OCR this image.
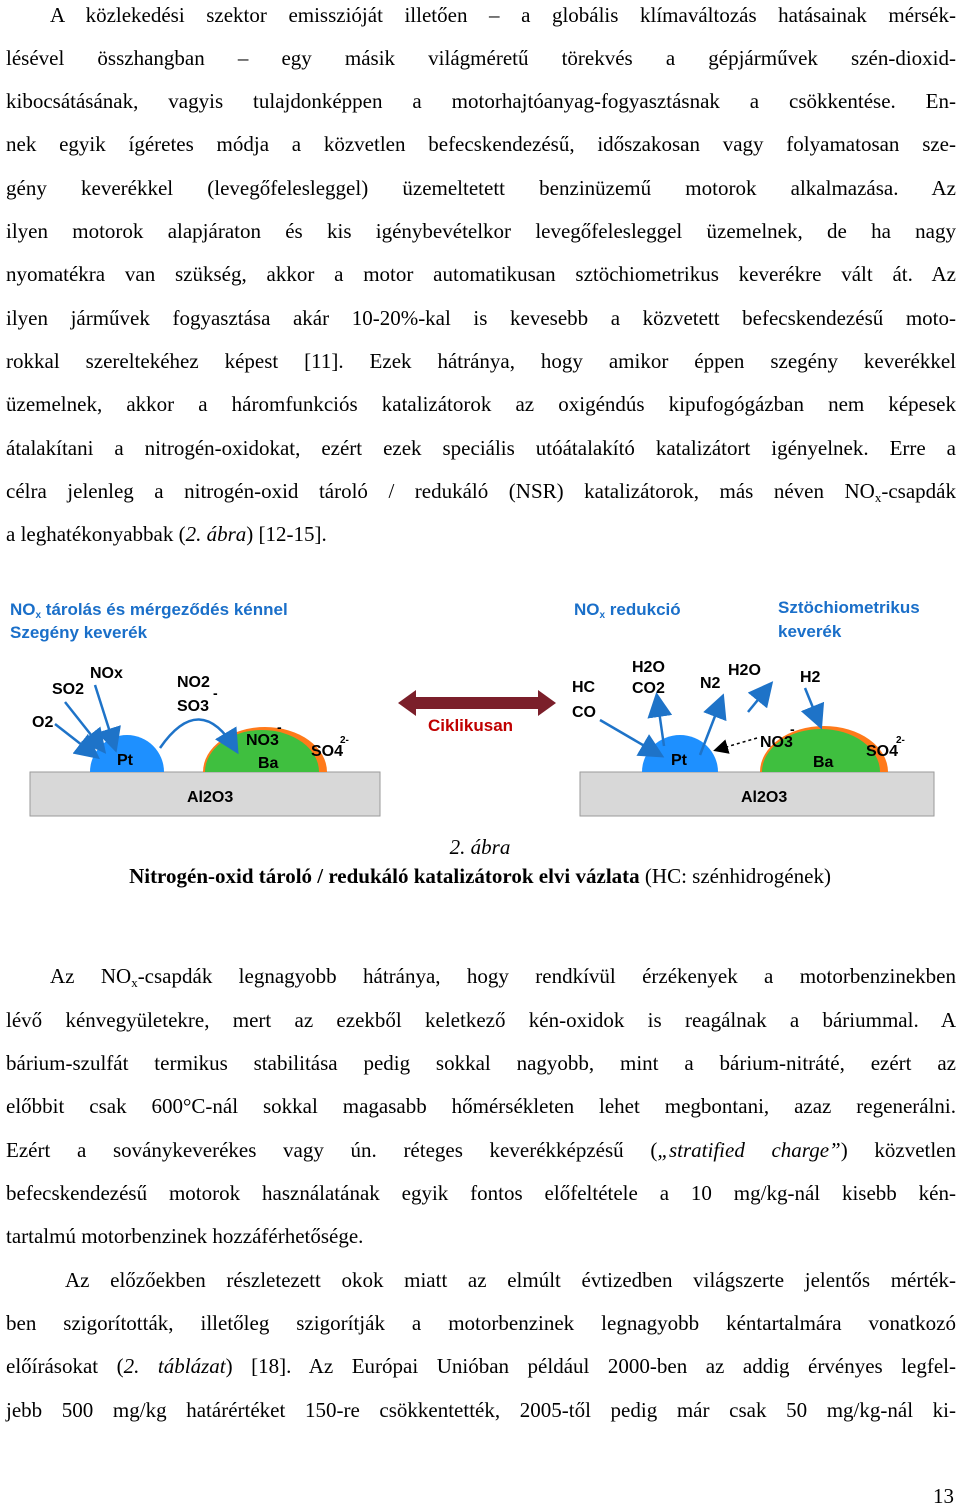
A közlekedési szektor emisszióját illetően – a globális klímaváltozás hatásainak mérsék-
lésével összhangban – egy másik világméretű törekvés a gépjárművek szén-dioxid-
kibocsátásának, vagyis tulajdonképpen a motorhajtóanyag-fogyasztásnak a csökkentése. En-
nek egyik ígéretes módja a közvetlen befecskendezésű, időszakosan vagy folyamatosan sze-
gény keverékkel (levegőfelesleggel) üzemeltetett benzinüzemű motorok alkalmazása. Az
ilyen motorok alapjáraton és kis igénybevételkor levegőfelesleggel üzemelnek, de ha nagy
nyomatékra van szükség, akkor a motor automatikusan sztöchiometrikus keverékre vált át. Az
ilyen járművek fogyasztása akár 10-20%-kal is kevesebb a közvetett befecskendezésű moto-
rokkal szereltekéhez képest [11]. Ezek hátránya, hogy amikor éppen szegény keverékkel
üzemelnek, akkor a háromfunkciós katalizátorok az oxigéndús kipufogógázban nem képesek
átalakítani a nitrogén-oxidokat, ezért ezek speciális utóátalakító katalizátort igényelnek. Erre a
célra jelenleg a nitrogén-oxid tároló / redukáló (NSR) katalizátorok, más néven $NO_x$-csapdák
a leghatékonyabbak (2. ábra) [12-15].
NOx tárolás és mérgeződés kénnel
Szegény keverék
NOx redukció	Sztöchiometrikus
keverék
Pt	Ba
Al2O3
SO2
NOx
O2
NO2
SO3
-
NO3
-
SO4
2-
Ciklikusan
Pt	Ba
Al2O3
HC
CO
H2O
CO2 N2
H2O H2
NO3
-
SO4
2-
2. ábra
Nitrogén-oxid tároló / redukáló katalizátorok elvi vázlata (HC: szénhidrogének)
Az $NO_x$-csapdák legnagyobb hátránya, hogy rendkívül érzékenyek a motorbenzinekben
lévő kénvegyületekre, mert az ezekből keletkező kén-oxidok is reagálnak a báriummal. A
bárium-szulfát termikus stabilitása pedig sokkal nagyobb, mint a bárium-nitráté, ezért az
előbbit csak 600°C-nál sokkal magasabb hőmérsékleten lehet megbontani, azaz regenerálni.
Ezért a soványkeverékes vagy ún. réteges keverékképzésű („stratified charge”) közvetlen
befecskendezésű motorok használatának egyik fontos előfeltétele a 10 mg/kg-nál kisebb kén-
tartalmú motorbenzinek hozzáférhetősége.
Az előzőekben részletezett okok miatt az elmúlt évtizedben világszerte jelentős mérték-
ben szigorították, illetőleg szigorítják a motorbenzinek legnagyobb kéntartalmára vonatkozó
előírásokat (2. táblázat) [18]. Az Európai Unióban például 2000-ben az addig érvényes legfel-
jebb 500 mg/kg határértéket 150-re csökkentették, 2005-től pedig már csak 50 mg/kg-nál ki-
13
